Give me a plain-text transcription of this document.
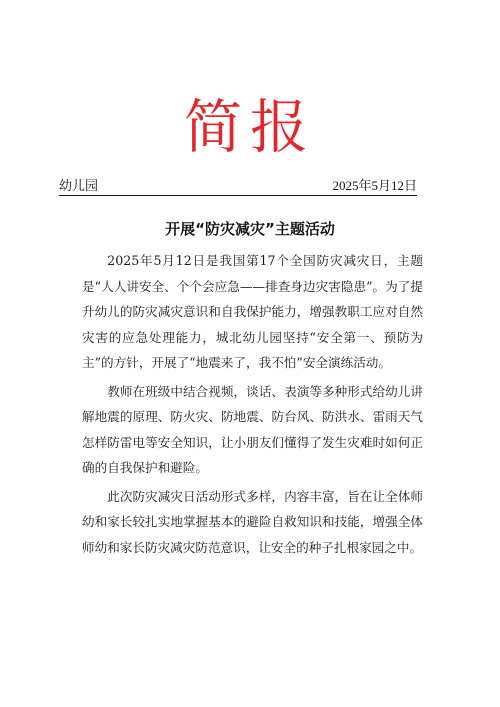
简报
幼儿园	2025年5月12日
开展“防灾减灾”主题活动

2025年5月12日是我国第17个全国防灾减灾日，主题是“人人讲安全、个个会应急——排查身边灾害隐患”。为了提升幼儿的防灾减灾意识和自我保护能力，增强教职工应对自然灾害的应急处理能力，城北幼儿园坚持“安全第一、预防为主”的方针，开展了“地震来了，我不怕”安全演练活动。

教师在班级中结合视频，谈话、表演等多种形式给幼儿讲解地震的原理、防火灾、防地震、防台风、防洪水、雷雨天气怎样防雷电等安全知识，让小朋友们懂得了发生灾难时如何正确的自我保护和避险。

此次防灾减灾日活动形式多样，内容丰富，旨在让全体师幼和家长较扎实地掌握基本的避险自救知识和技能，增强全体师幼和家长防灾减灾防范意识，让安全的种子扎根家园之中。
